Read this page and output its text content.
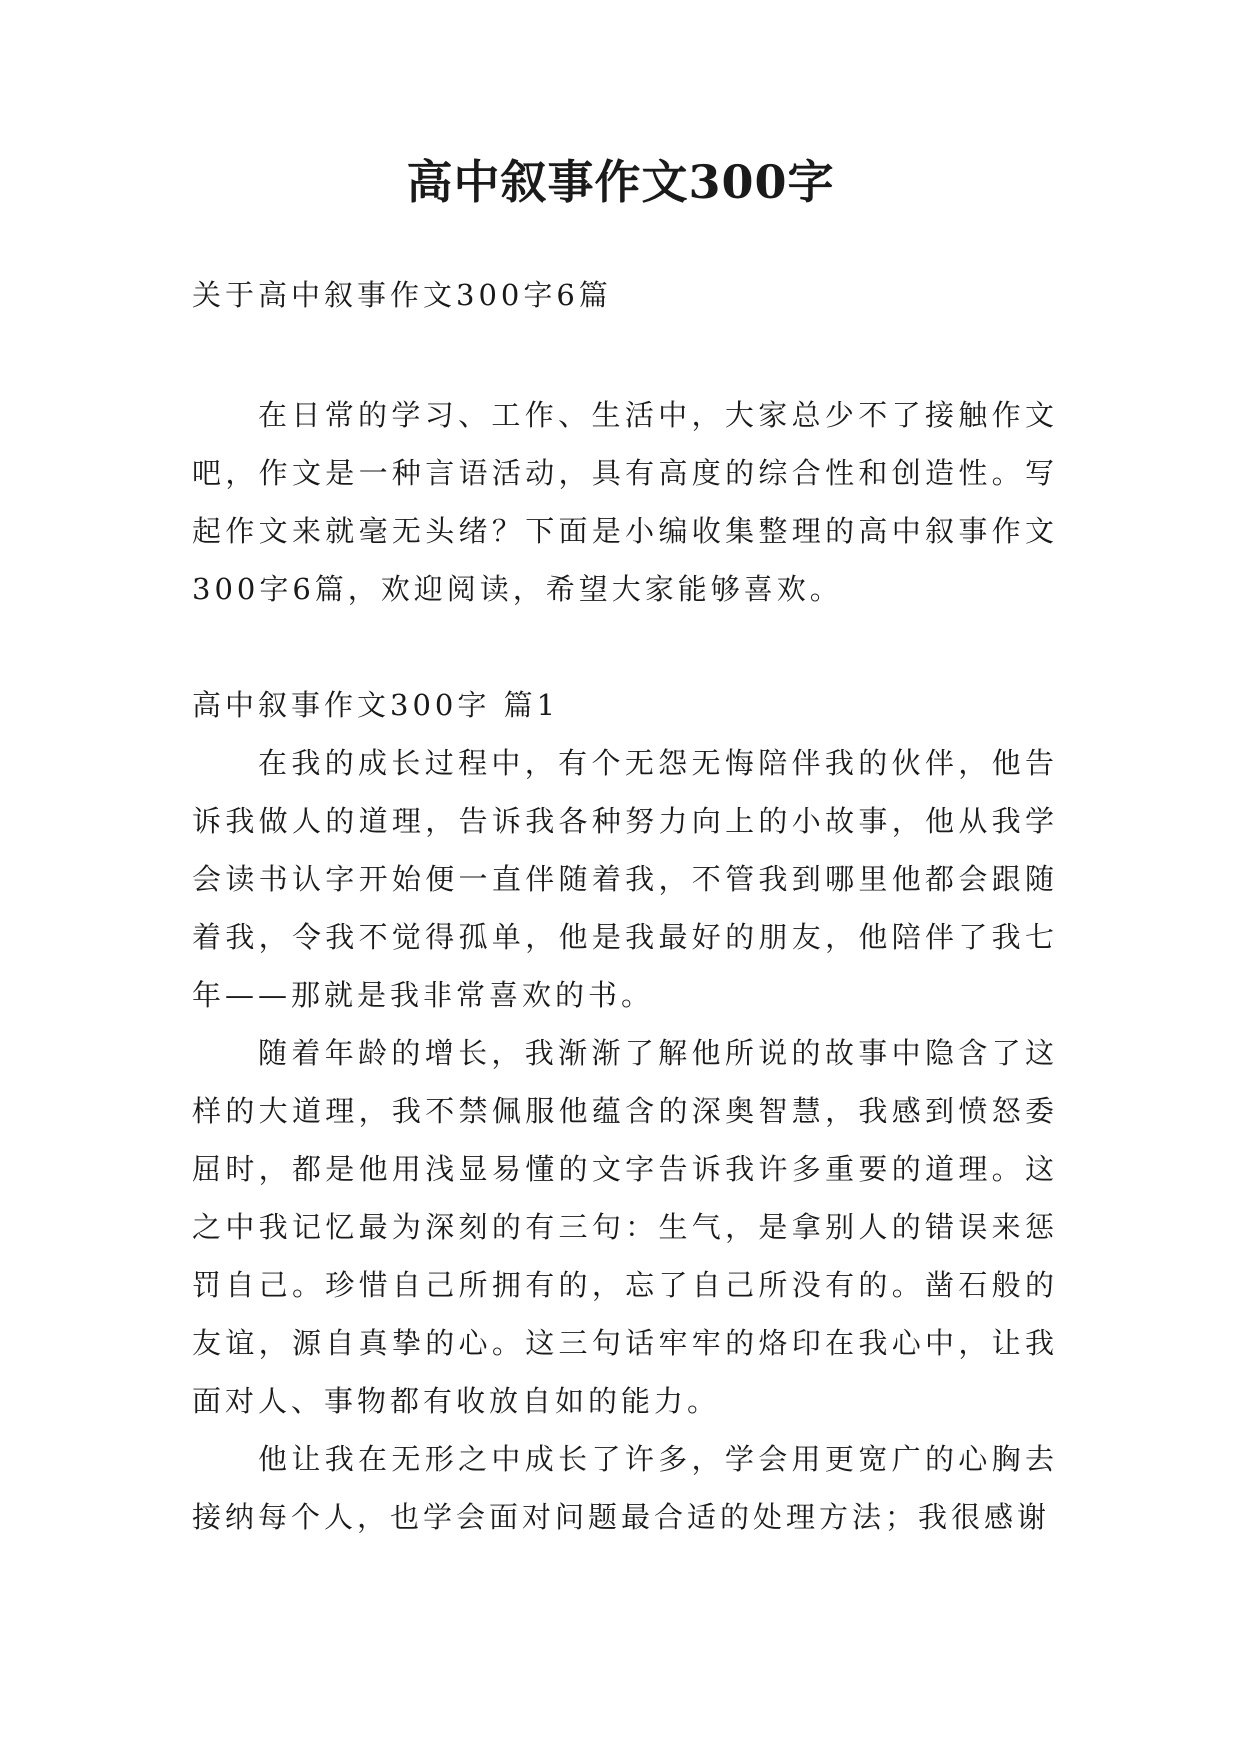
高中叙事作文300字

关于高中叙事作文300字6篇

在日常的学习、工作、生活中，大家总少不了接触作文吧，作文是一种言语活动，具有高度的综合性和创造性。写起作文来就毫无头绪？下面是小编收集整理的高中叙事作文300字6篇，欢迎阅读，希望大家能够喜欢。

高中叙事作文300字 篇1

在我的成长过程中，有个无怨无悔陪伴我的伙伴，他告诉我做人的道理，告诉我各种努力向上的小故事，他从我学会读书认字开始便一直伴随着我，不管我到哪里他都会跟随着我，令我不觉得孤单，他是我最好的朋友，他陪伴了我七年——那就是我非常喜欢的书。

随着年龄的增长，我渐渐了解他所说的故事中隐含了这样的大道理，我不禁佩服他蕴含的深奥智慧，我感到愤怒委屈时，都是他用浅显易懂的文字告诉我许多重要的道理。这之中我记忆最为深刻的有三句：生气，是拿别人的错误来惩罚自己。珍惜自己所拥有的，忘了自己所没有的。凿石般的友谊，源自真挚的心。这三句话牢牢的烙印在我心中，让我面对人、事物都有收放自如的能力。

他让我在无形之中成长了许多，学会用更宽广的心胸去接纳每个人，也学会面对问题最合适的处理方法；我很感谢
